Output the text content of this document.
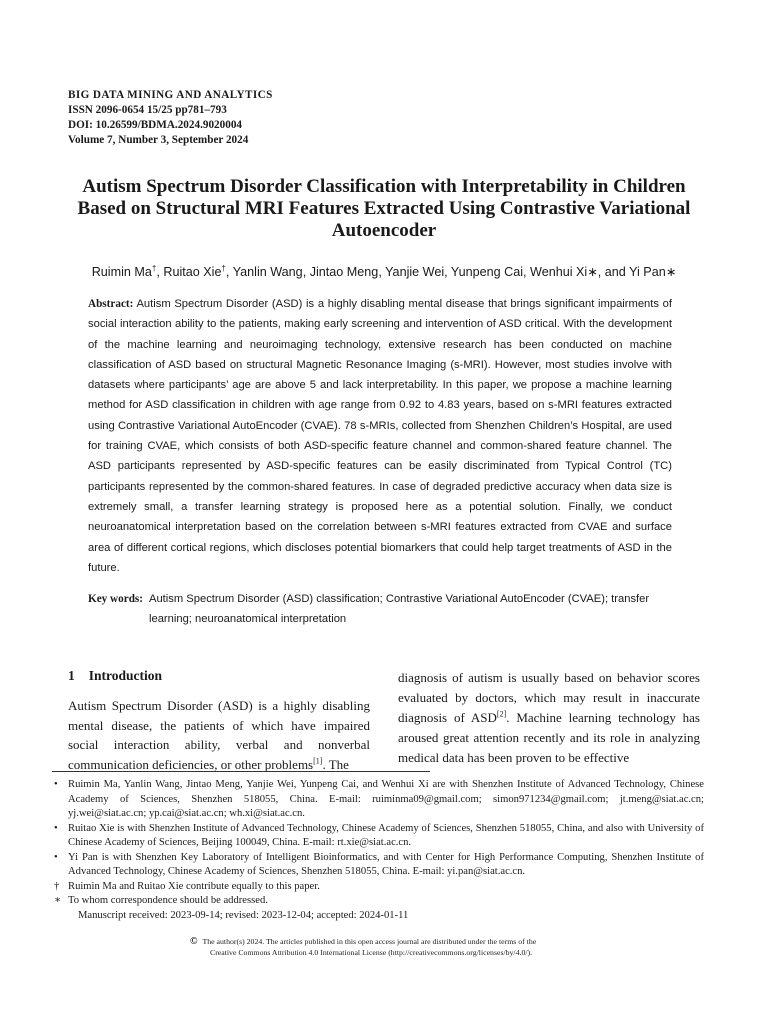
BIG DATA MINING AND ANALYTICS
ISSN 2096-0654 15/25 pp781–793
DOI: 10.26599/BDMA.2024.9020004
Volume 7, Number 3, September 2024
Autism Spectrum Disorder Classification with Interpretability in Children Based on Structural MRI Features Extracted Using Contrastive Variational Autoencoder
Ruimin Ma†, Ruitao Xie†, Yanlin Wang, Jintao Meng, Yanjie Wei, Yunpeng Cai, Wenhui Xi∗, and Yi Pan∗

Abstract: Autism Spectrum Disorder (ASD) is a highly disabling mental disease that brings significant impairments of social interaction ability to the patients, making early screening and intervention of ASD critical. With the development of the machine learning and neuroimaging technology, extensive research has been conducted on machine classification of ASD based on structural Magnetic Resonance Imaging (s-MRI). However, most studies involve with datasets where participants’ age are above 5 and lack interpretability. In this paper, we propose a machine learning method for ASD classification in children with age range from 0.92 to 4.83 years, based on s-MRI features extracted using Contrastive Variational AutoEncoder (CVAE). 78 s-MRIs, collected from Shenzhen Children’s Hospital, are used for training CVAE, which consists of both ASD-specific feature channel and common-shared feature channel. The ASD participants represented by ASD-specific features can be easily discriminated from Typical Control (TC) participants represented by the common-shared features. In case of degraded predictive accuracy when data size is extremely small, a transfer learning strategy is proposed here as a potential solution. Finally, we conduct neuroanatomical interpretation based on the correlation between s-MRI features extracted from CVAE and surface area of different cortical regions, which discloses potential biomarkers that could help target treatments of ASD in the future.

Key words: Autism Spectrum Disorder (ASD) classification; Contrastive Variational AutoEncoder (CVAE); transfer learning; neuroanatomical interpretation
1 Introduction

Autism Spectrum Disorder (ASD) is a highly disabling mental disease, the patients of which have impaired social interaction ability, verbal and nonverbal communication deficiencies, or other problems[1]. The

diagnosis of autism is usually based on behavior scores evaluated by doctors, which may result in inaccurate diagnosis of ASD[2]. Machine learning technology has aroused great attention recently and its role in analyzing medical data has been proven to be effective

• Ruimin Ma, Yanlin Wang, Jintao Meng, Yanjie Wei, Yunpeng Cai, and Wenhui Xi are with Shenzhen Institute of Advanced Technology, Chinese Academy of Sciences, Shenzhen 518055, China. E-mail: ruiminma09@gmail.com; simon971234@gmail.com; jt.meng@siat.ac.cn; yj.wei@siat.ac.cn; yp.cai@siat.ac.cn; wh.xi@siat.ac.cn.
• Ruitao Xie is with Shenzhen Institute of Advanced Technology, Chinese Academy of Sciences, Shenzhen 518055, China, and also with University of Chinese Academy of Sciences, Beijing 100049, China. E-mail: rt.xie@siat.ac.cn.
• Yi Pan is with Shenzhen Key Laboratory of Intelligent Bioinformatics, and with Center for High Performance Computing, Shenzhen Institute of Advanced Technology, Chinese Academy of Sciences, Shenzhen 518055, China. E-mail: yi.pan@siat.ac.cn.
† Ruimin Ma and Ruitao Xie contribute equally to this paper.
∗ To whom correspondence should be addressed.
Manuscript received: 2023-09-14; revised: 2023-12-04; accepted: 2024-01-11
© The author(s) 2024. The articles published in this open access journal are distributed under the terms of the
Creative Commons Attribution 4.0 International License (http://creativecommons.org/licenses/by/4.0/).
